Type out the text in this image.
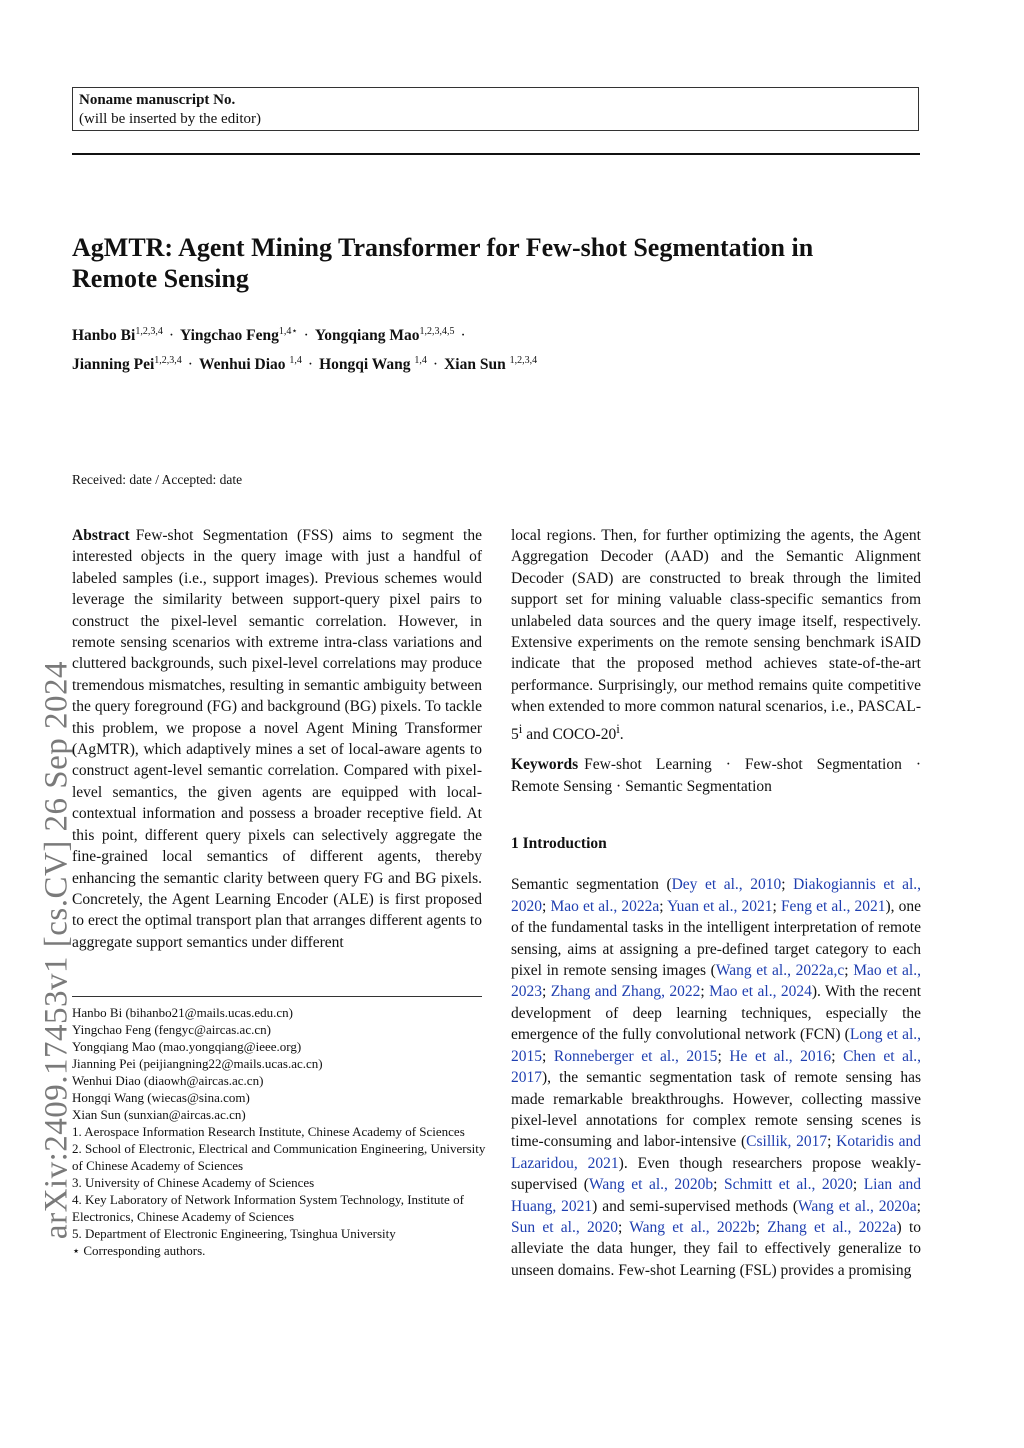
Noname manuscript No.
(will be inserted by the editor)
AgMTR: Agent Mining Transformer for Few-shot Segmentation in
Remote Sensing
Hanbo Bi$^{1,2,3,4}$ · Yingchao Feng$^{1,4⋆}$ · Yongqiang Mao$^{1,2,3,4,5}$ ·
Jianning Pei$^{1,2,3,4}$ · Wenhui Diao $^{1,4}$ · Hongqi Wang $^{1,4}$ · Xian Sun $^{1,2,3,4}$
Received: date / Accepted: date
arXiv:2409.17453v1 [cs.CV] 26 Sep 2024

Abstract Few-shot Segmentation (FSS) aims to segment the interested objects in the query image with just a handful of labeled samples (i.e., support images). Previous schemes would leverage the similarity between support-query pixel pairs to construct the pixel-level semantic correlation. However, in remote sensing scenarios with extreme intra-class variations and cluttered backgrounds, such pixel-level correlations may produce tremendous mismatches, resulting in semantic ambiguity between the query foreground (FG) and background (BG) pixels. To tackle this problem, we propose a novel Agent Mining Transformer (AgMTR), which adaptively mines a set of local-aware agents to construct agent-level semantic correlation. Compared with pixel-level semantics, the given agents are equipped with local-contextual information and possess a broader receptive field. At this point, different query pixels can selectively aggregate the fine-grained local semantics of different agents, thereby enhancing the semantic clarity between query FG and BG pixels. Concretely, the Agent Learning Encoder (ALE) is first proposed to erect the optimal transport plan that arranges different agents to aggregate support semantics under different

Hanbo Bi (bihanbo21@mails.ucas.edu.cn)
Yingchao Feng (fengyc@aircas.ac.cn)
Yongqiang Mao (mao.yongqiang@ieee.org)
Jianning Pei (peijiangning22@mails.ucas.ac.cn)
Wenhui Diao (diaowh@aircas.ac.cn)
Hongqi Wang (wiecas@sina.com)
Xian Sun (sunxian@aircas.ac.cn)
1. Aerospace Information Research Institute, Chinese Academy of Sciences
2. School of Electronic, Electrical and Communication Engineering, University of Chinese Academy of Sciences
3. University of Chinese Academy of Sciences
4. Key Laboratory of Network Information System Technology, Institute of Electronics, Chinese Academy of Sciences
5. Department of Electronic Engineering, Tsinghua University
⋆ Corresponding authors.

local regions. Then, for further optimizing the agents, the Agent Aggregation Decoder (AAD) and the Semantic Alignment Decoder (SAD) are constructed to break through the limited support set for mining valuable class-specific semantics from unlabeled data sources and the query image itself, respectively. Extensive experiments on the remote sensing benchmark iSAID indicate that the proposed method achieves state-of-the-art performance. Surprisingly, our method remains quite competitive when extended to more common natural scenarios, i.e., PASCAL-5$^i$ and COCO-20$^i$.

Keywords Few-shot Learning · Few-shot Segmentation · Remote Sensing · Semantic Segmentation

1 Introduction

Semantic segmentation (Dey et al., 2010; Diakogiannis et al., 2020; Mao et al., 2022a; Yuan et al., 2021; Feng et al., 2021), one of the fundamental tasks in the intelligent interpretation of remote sensing, aims at assigning a pre-defined target category to each pixel in remote sensing images (Wang et al., 2022a,c; Mao et al., 2023; Zhang and Zhang, 2022; Mao et al., 2024). With the recent development of deep learning techniques, especially the emergence of the fully convolutional network (FCN) (Long et al., 2015; Ronneberger et al., 2015; He et al., 2016; Chen et al., 2017), the semantic segmentation task of remote sensing has made remarkable breakthroughs. However, collecting massive pixel-level annotations for complex remote sensing scenes is time-consuming and labor-intensive (Csillik, 2017; Kotaridis and Lazaridou, 2021). Even though researchers propose weakly-supervised (Wang et al., 2020b; Schmitt et al., 2020; Lian and Huang, 2021) and semi-supervised methods (Wang et al., 2020a; Sun et al., 2020; Wang et al., 2022b; Zhang et al., 2022a) to alleviate the data hunger, they fail to effectively generalize to unseen domains. Few-shot Learning (FSL) provides a promising
